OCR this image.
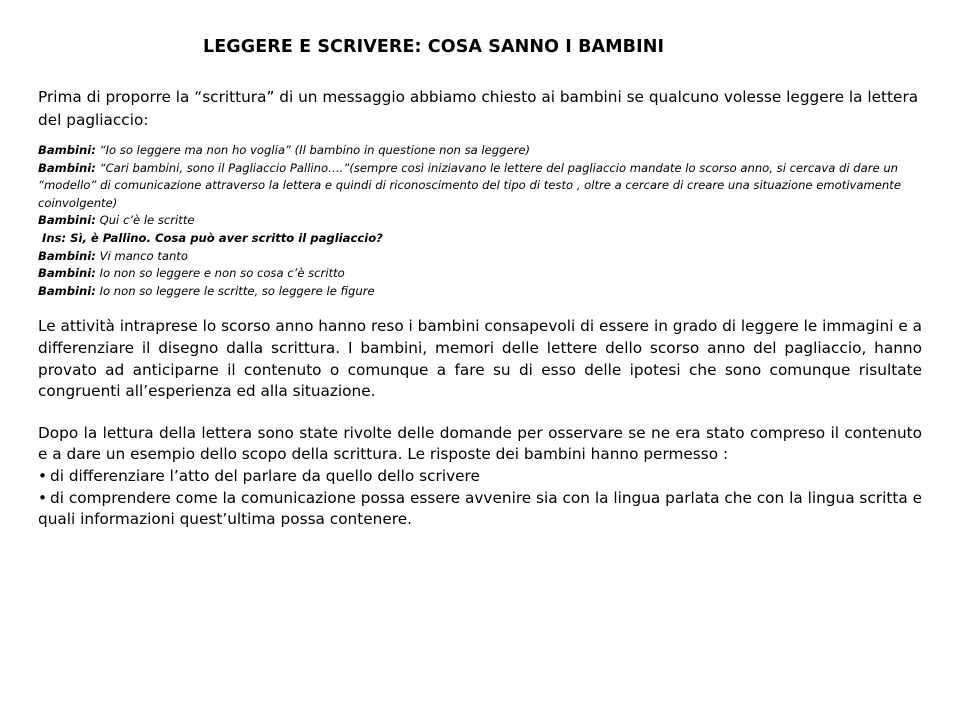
LEGGERE E SCRIVERE: COSA SANNO I BAMBINI

Prima di proporre la “scrittura” di un messaggio abbiamo chiesto ai bambini se qualcuno volesse leggere la lettera del pagliaccio:

Bambini: “Io so leggere ma non ho voglia” (Il bambino in questione non sa leggere)

Bambini: “Cari bambini, sono il Pagliaccio Pallino….”(sempre così iniziavano le lettere del pagliaccio mandate lo scorso anno, si cercava di dare un “modello” di comunicazione attraverso la lettera e quindi di riconoscimento del tipo di testo , oltre a cercare di creare una situazione emotivamente coinvolgente)

Bambini: Qui c’è le scritte

Ins: Sì, è Pallino. Cosa può aver scritto il pagliaccio?

Bambini: Vi manco tanto

Bambini: Io non so leggere e non so cosa c’è scritto

Bambini: Io non so leggere le scritte, so leggere le figure

Le attività intraprese lo scorso anno hanno reso i bambini consapevoli di essere in grado di leggere le immagini e a differenziare il disegno dalla scrittura. I bambini, memori delle lettere dello scorso anno del pagliaccio, hanno provato ad anticiparne il contenuto o comunque a fare su di esso delle ipotesi che sono comunque risultate congruenti all’esperienza ed alla situazione.

Dopo la lettura della lettera sono state rivolte delle domande per osservare se ne era stato compreso il contenuto e a dare un esempio dello scopo della scrittura. Le risposte dei bambini hanno permesso :

• di differenziare l’atto del parlare da quello dello scrivere

• di comprendere come la comunicazione possa essere avvenire sia con la lingua parlata che con la lingua scritta e quali informazioni quest’ultima possa contenere.
